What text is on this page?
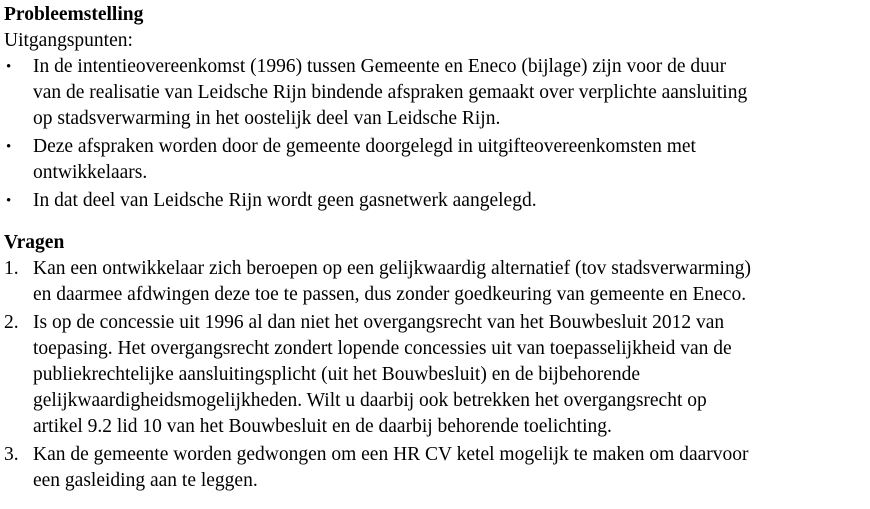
Probleemstelling
Uitgangspunten:
• In de intentieovereenkomst (1996) tussen Gemeente en Eneco (bijlage) zijn voor de duur
van de realisatie van Leidsche Rijn bindende afspraken gemaakt over verplichte aansluiting
op stadsverwarming in het oostelijk deel van Leidsche Rijn.
• Deze afspraken worden door de gemeente doorgelegd in uitgifteovereenkomsten met
ontwikkelaars.
• In dat deel van Leidsche Rijn wordt geen gasnetwerk aangelegd.
Vragen
1. Kan een ontwikkelaar zich beroepen op een gelijkwaardig alternatief (tov stadsverwarming)
en daarmee afdwingen deze toe te passen, dus zonder goedkeuring van gemeente en Eneco.
2. Is op de concessie uit 1996 al dan niet het overgangsrecht van het Bouwbesluit 2012 van
toepasing. Het overgangsrecht zondert lopende concessies uit van toepasselijkheid van de
publiekrechtelijke aansluitingsplicht (uit het Bouwbesluit) en de bijbehorende
gelijkwaardigheidsmogelijkheden. Wilt u daarbij ook betrekken het overgangsrecht op
artikel 9.2 lid 10 van het Bouwbesluit en de daarbij behorende toelichting.
3. Kan de gemeente worden gedwongen om een HR CV ketel mogelijk te maken om daarvoor
een gasleiding aan te leggen.
